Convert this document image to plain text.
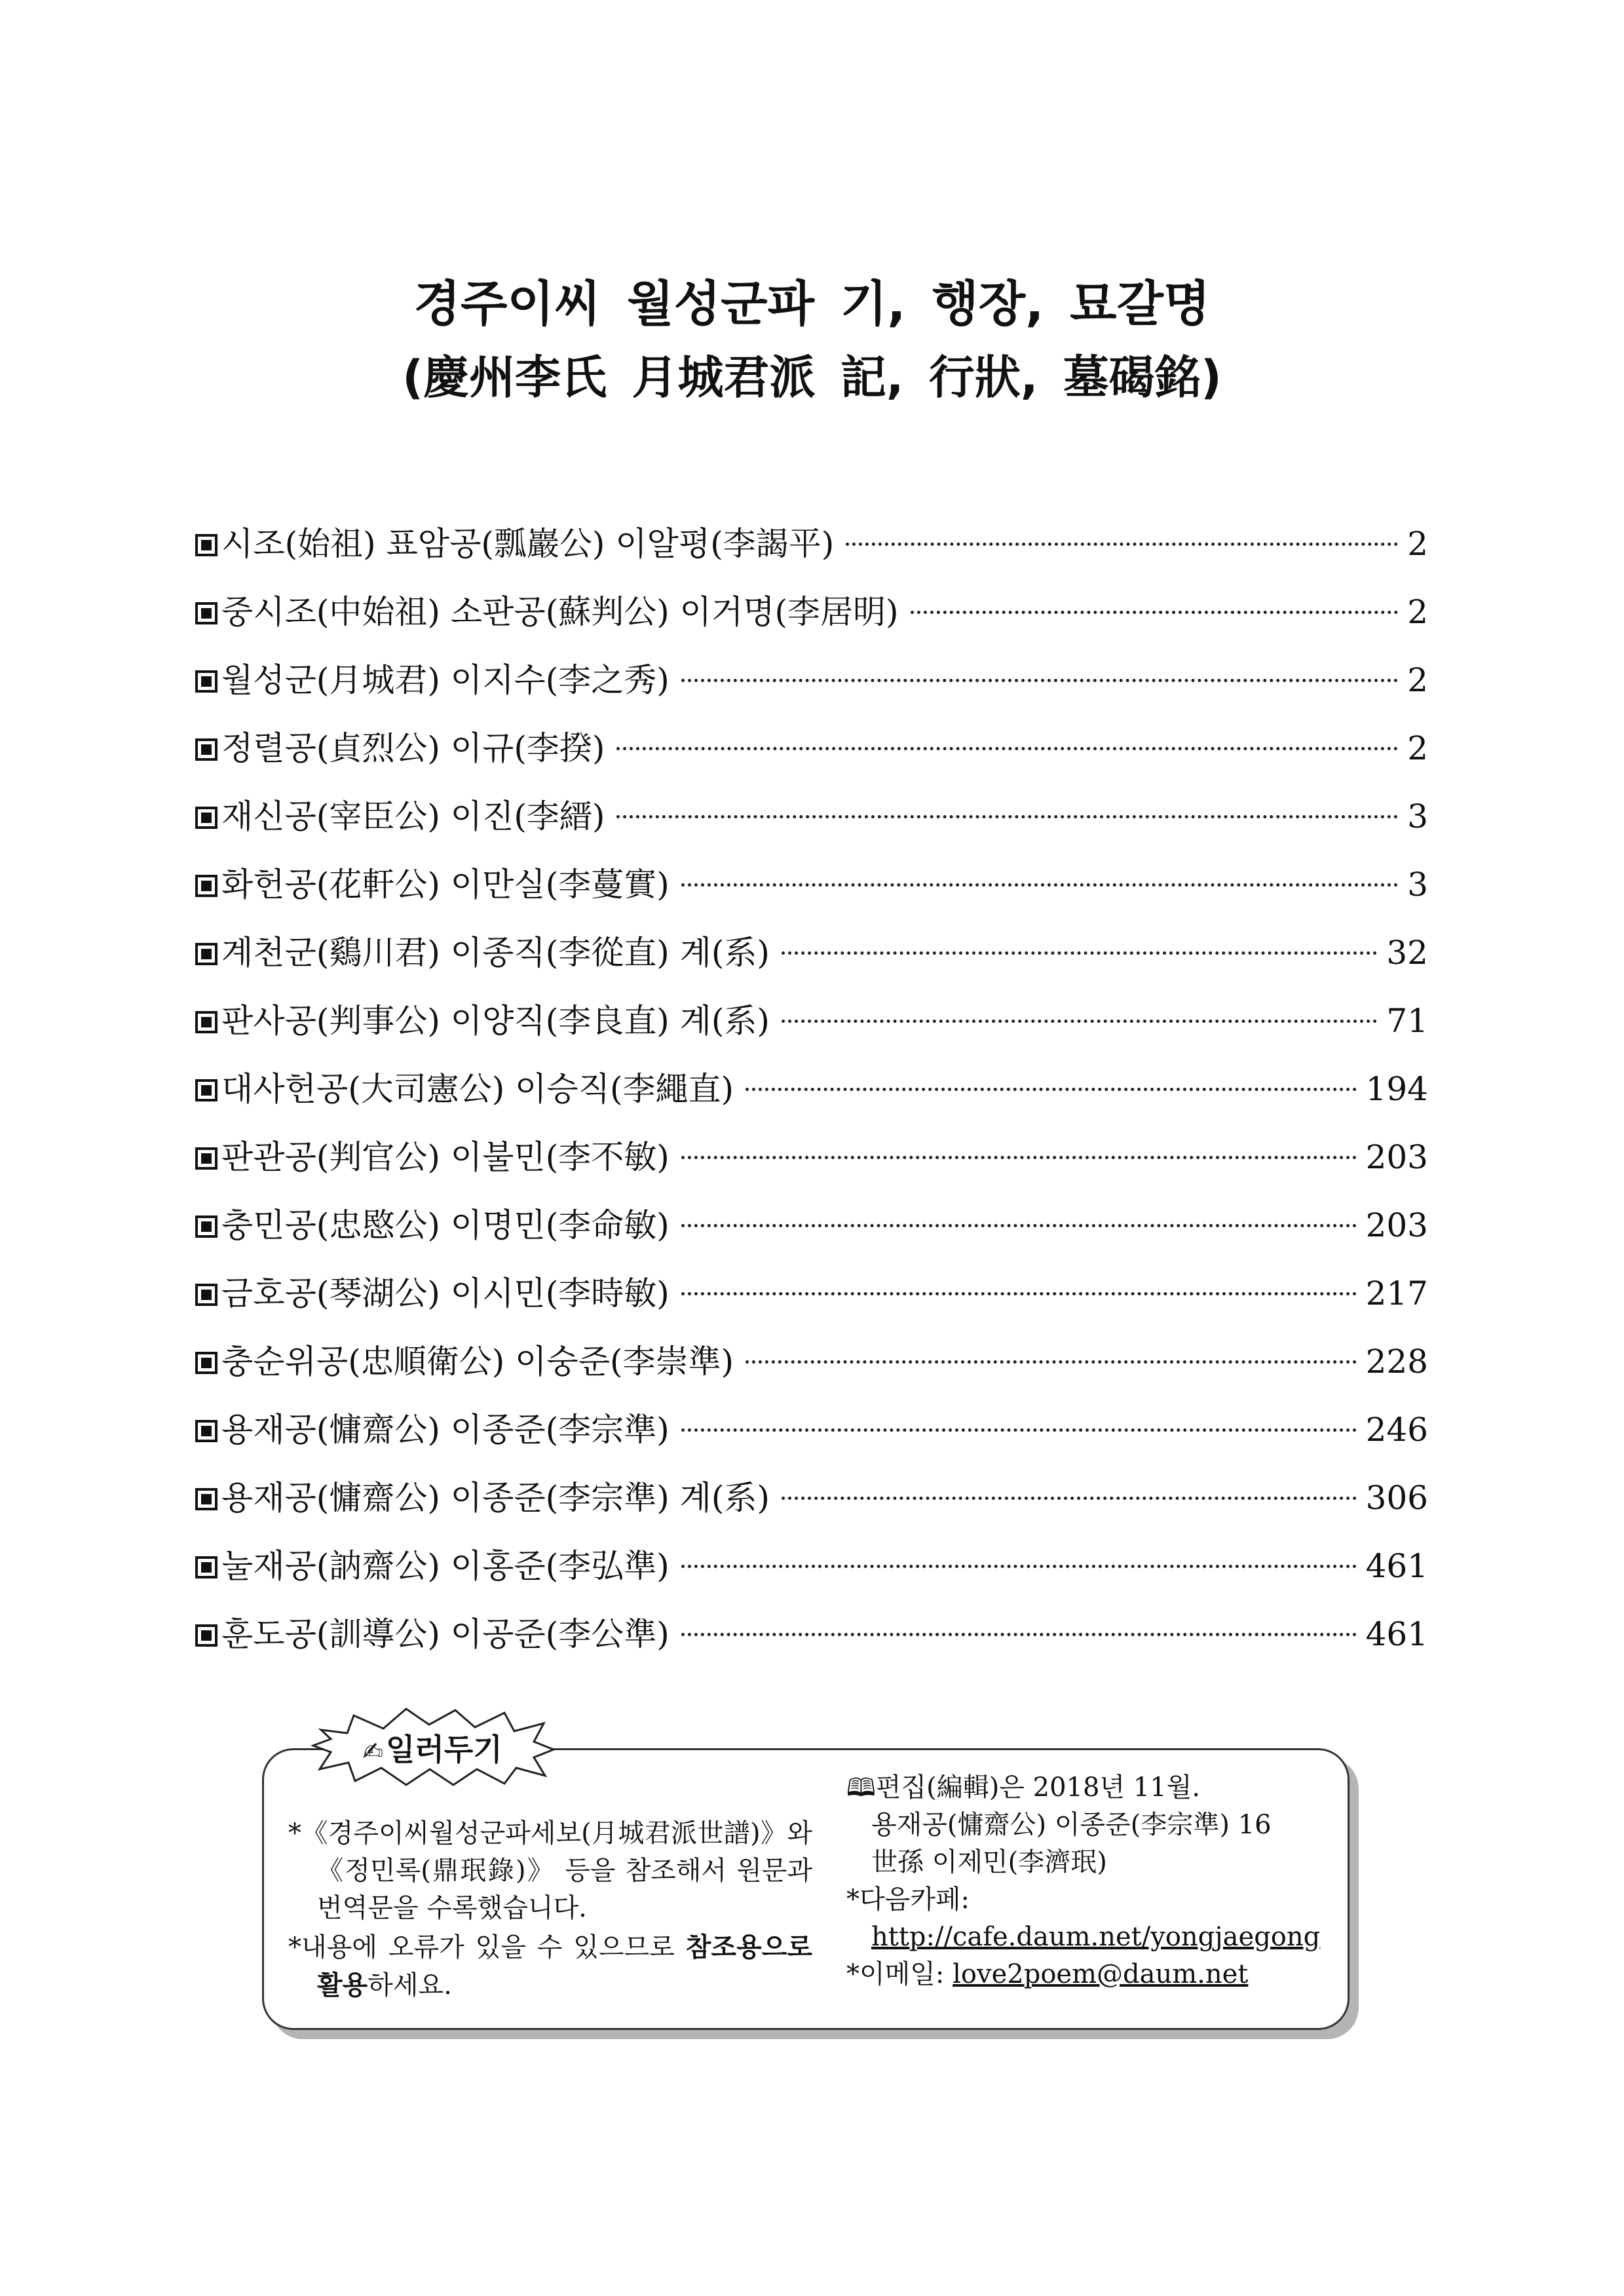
경주이씨 월성군파 기, 행장, 묘갈명
(慶州李氏 月城君派 記, 行狀, 墓碣銘)
시조(始祖) 표암공(瓢巖公) 이알평(李謁平)	2
중시조(中始祖) 소판공(蘇判公) 이거명(李居明)	2
월성군(月城君) 이지수(李之秀)	2
정렬공(貞烈公) 이규(李揆)	2
재신공(宰臣公) 이진(李縉)	3
화헌공(花軒公) 이만실(李蔓實)	3
계천군(鷄川君) 이종직(李從直) 계(系)	32
판사공(判事公) 이양직(李良直) 계(系)	71
대사헌공(大司憲公) 이승직(李繩直)	194
판관공(判官公) 이불민(李不敏)	203
충민공(忠愍公) 이명민(李命敏)	203
금호공(琴湖公) 이시민(李時敏)	217
충순위공(忠順衛公) 이숭준(李崇準)	228
용재공(慵齋公) 이종준(李宗準)	246
용재공(慵齋公) 이종준(李宗準) 계(系)	306
눌재공(訥齋公) 이홍준(李弘準)	461
훈도공(訓導公) 이공준(李公準)	461
✍일러두기

*《경주이씨월성군파세보(月城君派世譜)》와 《정민록(鼎珉錄)》 등을 참조해서 원문과 번역문을 수록했습니다.

*내용에 오류가 있을 수 있으므로 참조용으로 활용하세요.

🕮편집(編輯)은 2018년 11월.
용재공(慵齋公) 이종준(李宗準) 16
世孫 이제민(李濟珉)
*다음카페:
http://cafe.daum.net/yongjaegong
*이메일: love2poem@daum.net
